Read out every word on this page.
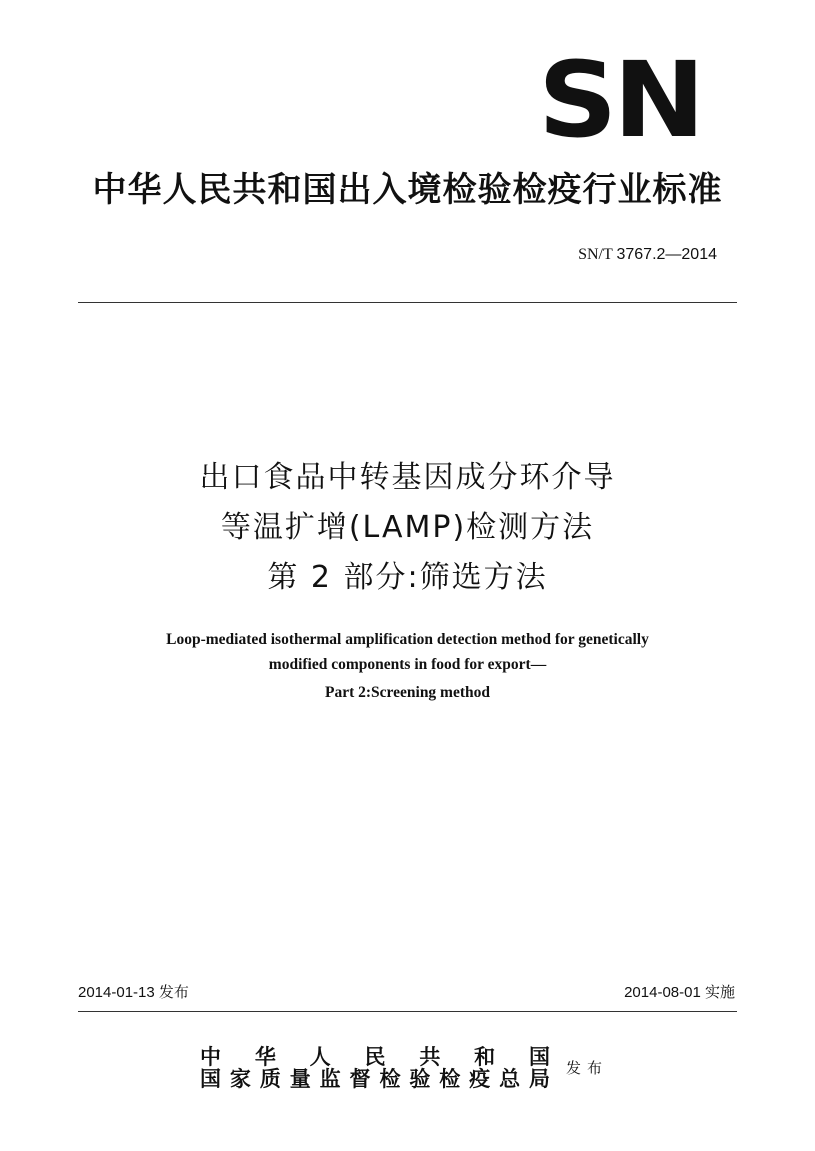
SN
中华人民共和国出入境检验检疫行业标准
SN/T 3767.2—2014
出口食品中转基因成分环介导
等温扩增(LAMP)检测方法
第 2 部分:筛选方法
Loop-mediated isothermal amplification detection method for genetically
modified components in food for export—
Part 2:Screening method
2014-01-13 发布	2014-08-01 实施
中华人民共和国
国家质量监督检验检疫总局 发布
